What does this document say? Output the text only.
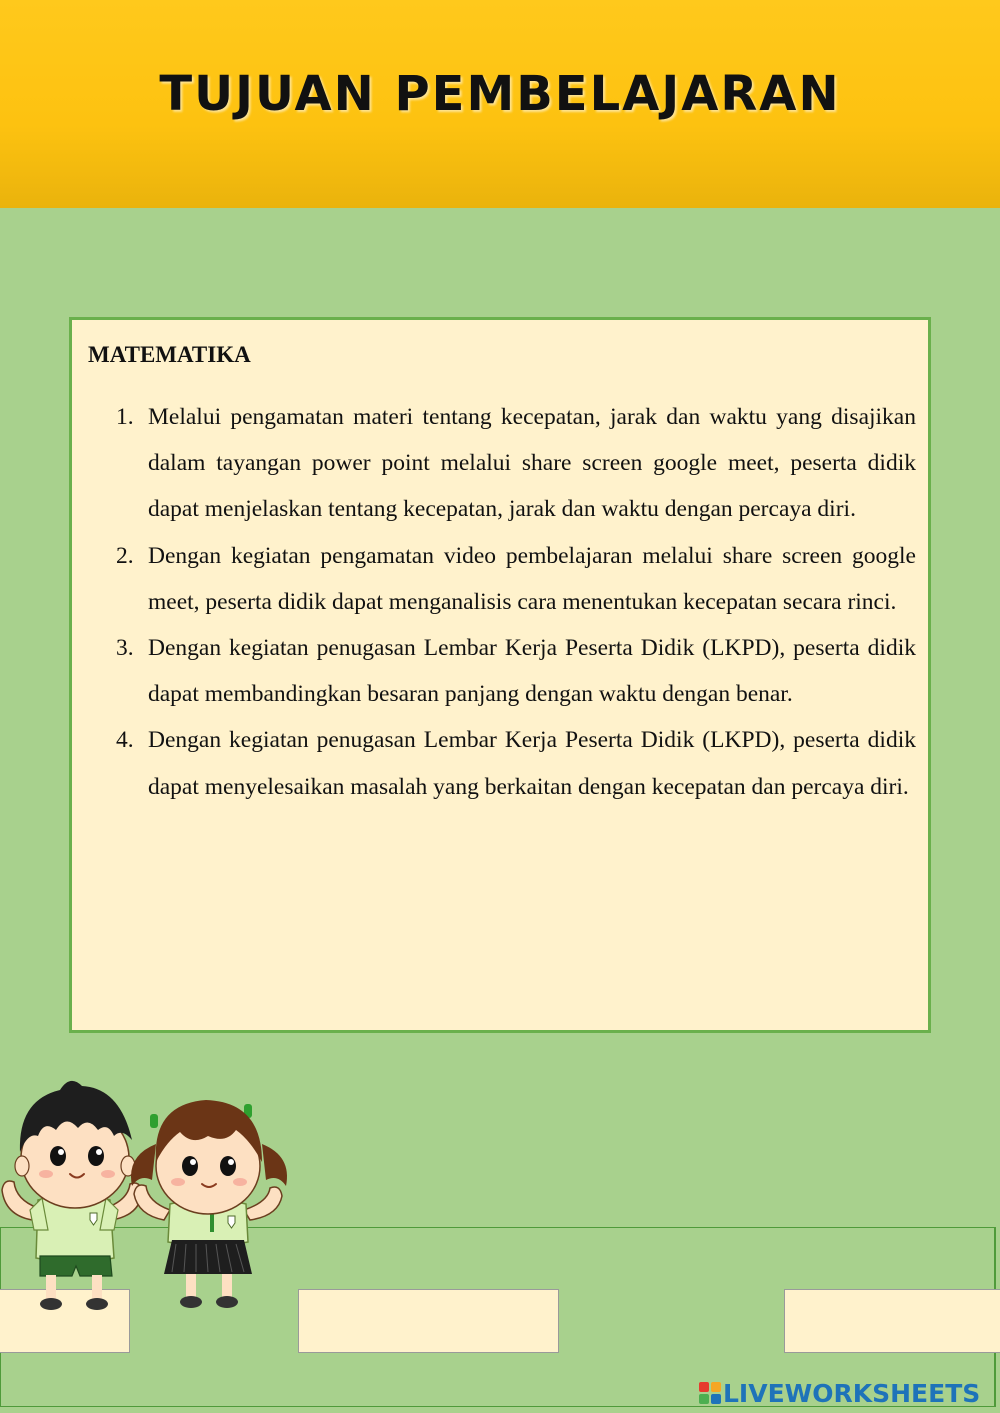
TUJUAN PEMBELAJARAN
MATEMATIKA
1. Melalui pengamatan materi tentang kecepatan, jarak dan waktu yang disajikan dalam tayangan power point melalui share screen google meet, peserta didik dapat menjelaskan tentang kecepatan, jarak dan waktu dengan percaya diri.
2. Dengan kegiatan pengamatan video pembelajaran melalui share screen google meet, peserta didik dapat menganalisis cara menentukan kecepatan secara rinci.
3. Dengan kegiatan penugasan Lembar Kerja Peserta Didik (LKPD), peserta didik dapat membandingkan besaran panjang dengan waktu dengan benar.
4. Dengan kegiatan penugasan Lembar Kerja Peserta Didik (LKPD), peserta didik dapat menyelesaikan masalah yang berkaitan dengan kecepatan dan percaya diri.
LIVEWORKSHEETS
